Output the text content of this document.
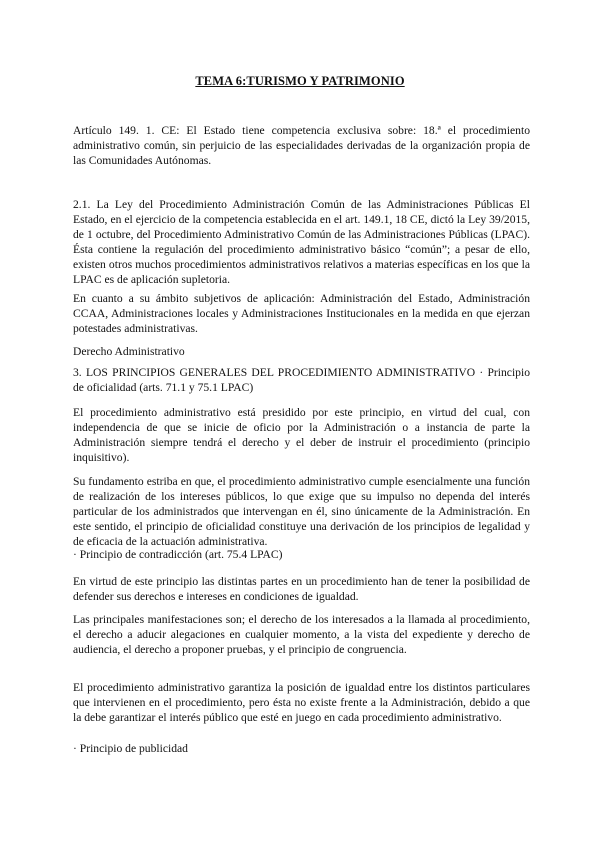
TEMA 6:TURISMO Y PATRIMONIO

Artículo 149. 1. CE: El Estado tiene competencia exclusiva sobre: 18.ª el procedimiento administrativo común, sin perjuicio de las especialidades derivadas de la organización propia de las Comunidades Autónomas.

2.1. La Ley del Procedimiento Administración Común de las Administraciones Públicas El Estado, en el ejercicio de la competencia establecida en el art. 149.1, 18 CE, dictó la Ley 39/2015, de 1 octubre, del Procedimiento Administrativo Común de las Administraciones Públicas (LPAC). Ésta contiene la regulación del procedimiento administrativo básico “común”; a pesar de ello, existen otros muchos procedimientos administrativos relativos a materias específicas en los que la LPAC es de aplicación supletoria.

En cuanto a su ámbito subjetivos de aplicación: Administración del Estado, Administración CCAA, Administraciones locales y Administraciones Institucionales en la medida en que ejerzan potestades administrativas.

Derecho Administrativo

3. LOS PRINCIPIOS GENERALES DEL PROCEDIMIENTO ADMINISTRATIVO · Principio de oficialidad (arts. 71.1 y 75.1 LPAC)

El procedimiento administrativo está presidido por este principio, en virtud del cual, con independencia de que se inicie de oficio por la Administración o a instancia de parte la Administración siempre tendrá el derecho y el deber de instruir el procedimiento (principio inquisitivo).

Su fundamento estriba en que, el procedimiento administrativo cumple esencialmente una función de realización de los intereses públicos, lo que exige que su impulso no dependa del interés particular de los administrados que intervengan en él, sino únicamente de la Administración. En este sentido, el principio de oficialidad constituye una derivación de los principios de legalidad y de eficacia de la actuación administrativa.

· Principio de contradicción (art. 75.4 LPAC)

En virtud de este principio las distintas partes en un procedimiento han de tener la posibilidad de defender sus derechos e intereses en condiciones de igualdad.

Las principales manifestaciones son; el derecho de los interesados a la llamada al procedimiento, el derecho a aducir alegaciones en cualquier momento, a la vista del expediente y derecho de audiencia, el derecho a proponer pruebas, y el principio de congruencia.

El procedimiento administrativo garantiza la posición de igualdad entre los distintos particulares que intervienen en el procedimiento, pero ésta no existe frente a la Administración, debido a que la debe garantizar el interés público que esté en juego en cada procedimiento administrativo.

· Principio de publicidad
